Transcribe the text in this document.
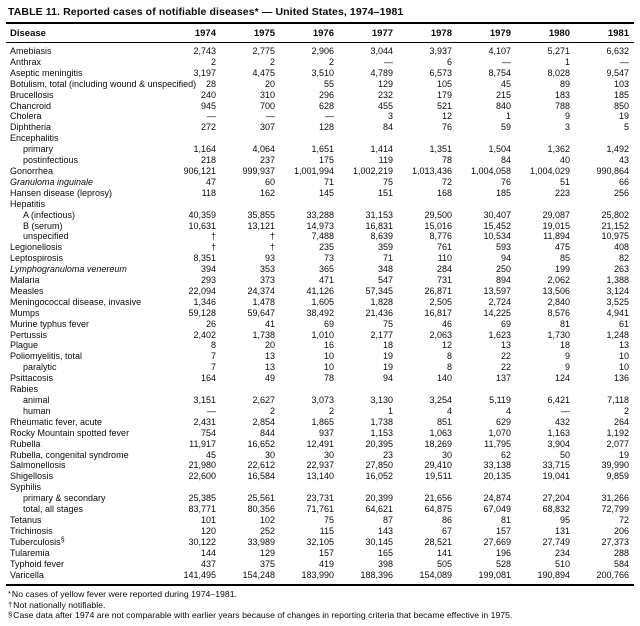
TABLE 11. Reported cases of notifiable diseases* — United States, 1974–1981
Disease	1974	1975	1976	1977	1978	1979	1980	1981
Amebiasis	2,743	2,775	2,906	3,044	3,937	4,107	5,271	6,632
Anthrax	2	2	2	—	6	—	1	—
Aseptic meningitis	3,197	4,475	3,510	4,789	6,573	8,754	8,028	9,547
Botulism, total (including wound & unspecified)	28	20	55	129	105	45	89	103
Brucellosis	240	310	296	232	179	215	183	185
Chancroid	945	700	628	455	521	840	788	850
Cholera	—	—	—	3	12	1	9	19
Diphtheria	272	307	128	84	76	59	3	5
Encephalitis								
primary	1,164	4,064	1,651	1,414	1,351	1,504	1,362	1,492
postinfectious	218	237	175	119	78	84	40	43
Gonorrhea	906,121	999,937	1,001,994	1,002,219	1,013,436	1,004,058	1,004,029	990,864
Granuloma inguinale	47	60	71	75	72	76	51	66
Hansen disease (leprosy)	118	162	145	151	168	185	223	256
Hepatitis								
A (infectious)	40,359	35,855	33,288	31,153	29,500	30,407	29,087	25,802
B (serum)	10,631	13,121	14,973	16,831	15,016	15,452	19,015	21,152
unspecified	†	†	7,488	8,639	8,776	10,534	11,894	10,975
Legionellosis	†	†	235	359	761	593	475	408
Leptospirosis	8,351	93	73	71	110	94	85	82
Lymphogranuloma venereum	394	353	365	348	284	250	199	263
Malaria	293	373	471	547	731	894	2,062	1,388
Measles	22,094	24,374	41,126	57,345	26,871	13,597	13,506	3,124
Meningococcal disease, invasive	1,346	1,478	1,605	1,828	2,505	2,724	2,840	3,525
Mumps	59,128	59,647	38,492	21,436	16,817	14,225	8,576	4,941
Murine typhus fever	26	41	69	75	46	69	81	61
Pertussis	2,402	1,738	1,010	2,177	2,063	1,623	1,730	1,248
Plague	8	20	16	18	12	13	18	13
Poliomyelitis, total	7	13	10	19	8	22	9	10
paralytic	7	13	10	19	8	22	9	10
Psittacosis	164	49	78	94	140	137	124	136
Rabies								
animal	3,151	2,627	3,073	3,130	3,254	5,119	6,421	7,118
human	—	2	2	1	4	4	—	2
Rheumatic fever, acute	2,431	2,854	1,865	1,738	851	629	432	264
Rocky Mountain spotted fever	754	844	937	1,153	1,063	1,070	1,163	1,192
Rubella	11,917	16,652	12,491	20,395	18,269	11,795	3,904	2,077
Rubella, congenital syndrome	45	30	30	23	30	62	50	19
Salmonellosis	21,980	22,612	22,937	27,850	29,410	33,138	33,715	39,990
Shigellosis	22,600	16,584	13,140	16,052	19,511	20,135	19,041	9,859
Syphilis								
primary & secondary	25,385	25,561	23,731	20,399	21,656	24,874	27,204	31,266
total, all stages	83,771	80,356	71,761	64,621	64,875	67,049	68,832	72,799
Tetanus	101	102	75	87	86	81	95	72
Trichinosis	120	252	115	143	67	157	131	206
Tuberculosis§	30,122	33,989	32,105	30,145	28,521	27,669	27,749	27,373
Tularemia	144	129	157	165	141	196	234	288
Typhoid fever	437	375	419	398	505	528	510	584
Varicella	141,495	154,248	183,990	188,396	154,089	199,081	190,894	200,766
*No cases of yellow fever were reported during 1974–1981.
†Not nationally notifiable.
§Case data after 1974 are not comparable with earlier years because of changes in reporting criteria that became effective in 1975.
